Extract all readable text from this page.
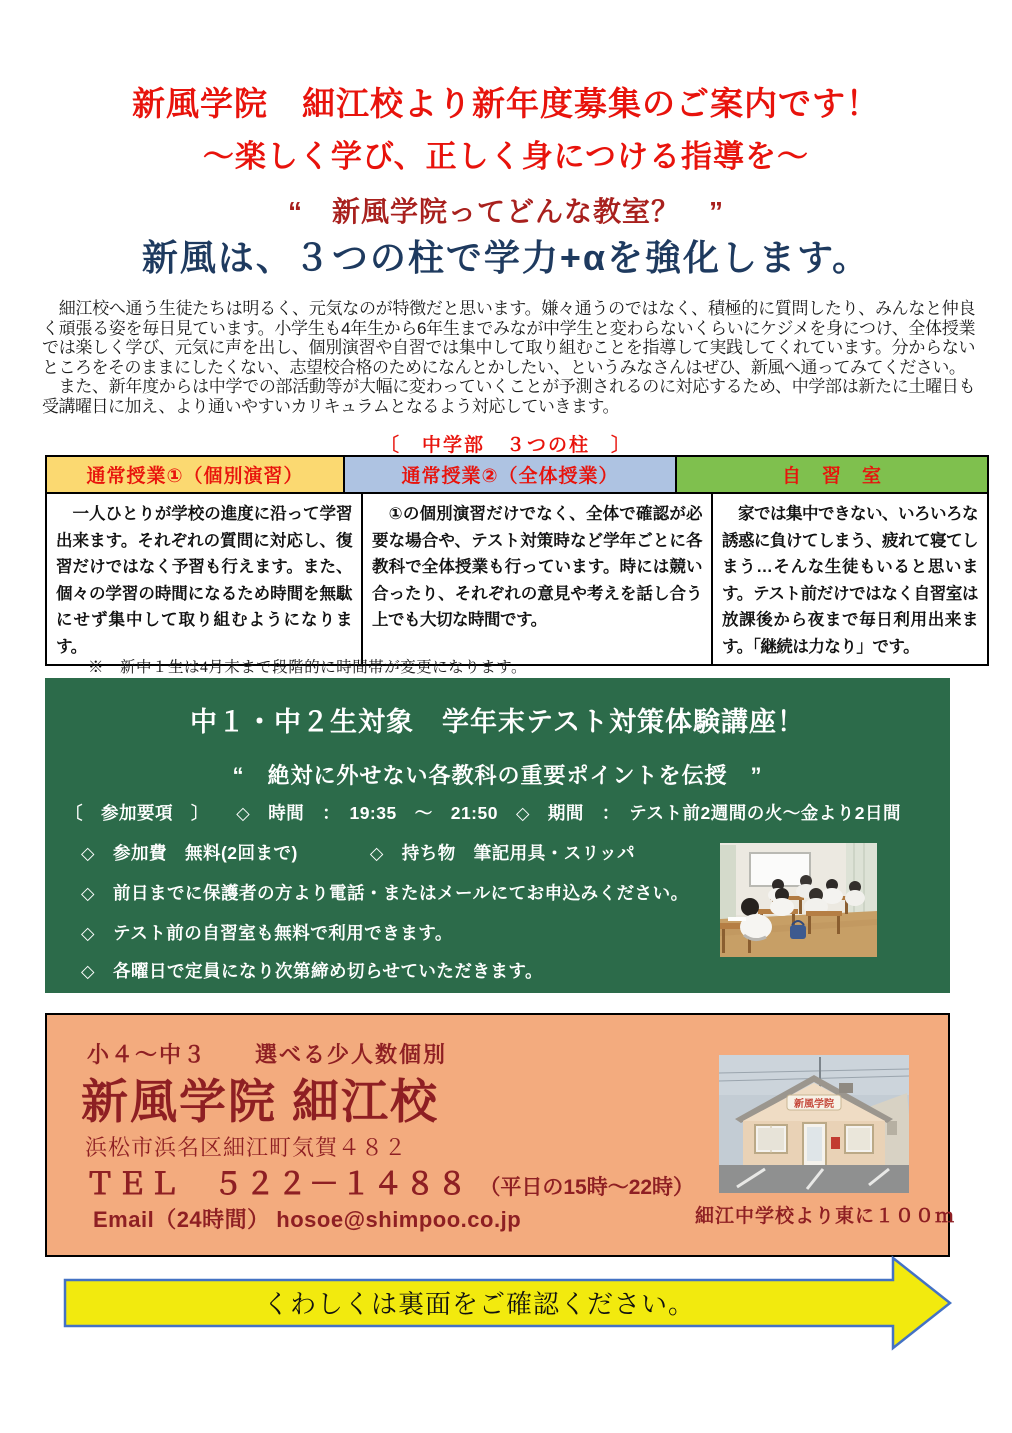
新風学院　細江校より新年度募集のご案内です！
～楽しく学び、正しく身につける指導を～
“　新風学院ってどんな教室？　”
新風は、３つの柱で学力+αを強化します。

　細江校へ通う生徒たちは明るく、元気なのが特徴だと思います。嫌々通うのではなく、積極的に質問したり、みんなと仲良く頑張る姿を毎日見ています。小学生も4年生から6年生までみなが中学生と変わらないくらいにケジメを身につけ、全体授業では楽しく学び、元気に声を出し、個別演習や自習では集中して取り組むことを指導して実践してくれています。分からないところをそのままにしたくない、志望校合格のためになんとかしたい、というみなさんはぜひ、新風へ通ってみてください。

　また、新年度からは中学での部活動等が大幅に変わっていくことが予測されるのに対応するため、中学部は新たに土曜日も受講曜日に加え、より通いやすいカリキュラムとなるよう対応していきます。

〔　中学部　３つの柱　〕
通常授業①（個別演習）	通常授業②（全体授業）	自　習　室
　一人ひとりが学校の進度に沿って学習出来ます。それぞれの質問に対応し、復習だけではなく予習も行えます。また、個々の学習の時間になるため時間を無駄にせず集中して取り組むようになります。
　①の個別演習だけでなく、全体で確認が必要な場合や、テスト対策時など学年ごとに各教科で全体授業も行っています。時には競い合ったり、それぞれの意見や考えを話し合う上でも大切な時間です。
　家では集中できない、いろいろな誘惑に負けてしまう、疲れて寝てしまう…そんな生徒もいると思います。テスト前だけではなく自習室は放課後から夜まで毎日利用出来ます。「継続は力なり」です。
※　新中１生は4月末まで段階的に時間帯が変更になります。
中１・中２生対象　学年末テスト対策体験講座！
“　絶対に外せない各教科の重要ポイントを伝授　”
〔　参加要項　〕　　◇　時間　：　19:35　～　21:50　◇　期間　：　テスト前2週間の火～金より2日間
◇　参加費　無料(2回まで)　　　　◇　持ち物　筆記用具・スリッパ
◇　前日までに保護者の方より電話・またはメールにてお申込みください。
◇　テスト前の自習室も無料で利用できます。
◇　各曜日で定員になり次第締め切らせていただきます。
小４～中３　　選べる少人数個別
新風学院 細江校
浜松市浜名区細江町気賀４８２
ＴＥＬ　５２２－１４８８ （平日の15時～22時）
Email（24時間） hosoe@shimpoo.co.jp
新風学院
細江中学校より東に１００ｍ
くわしくは裏面をご確認ください。
